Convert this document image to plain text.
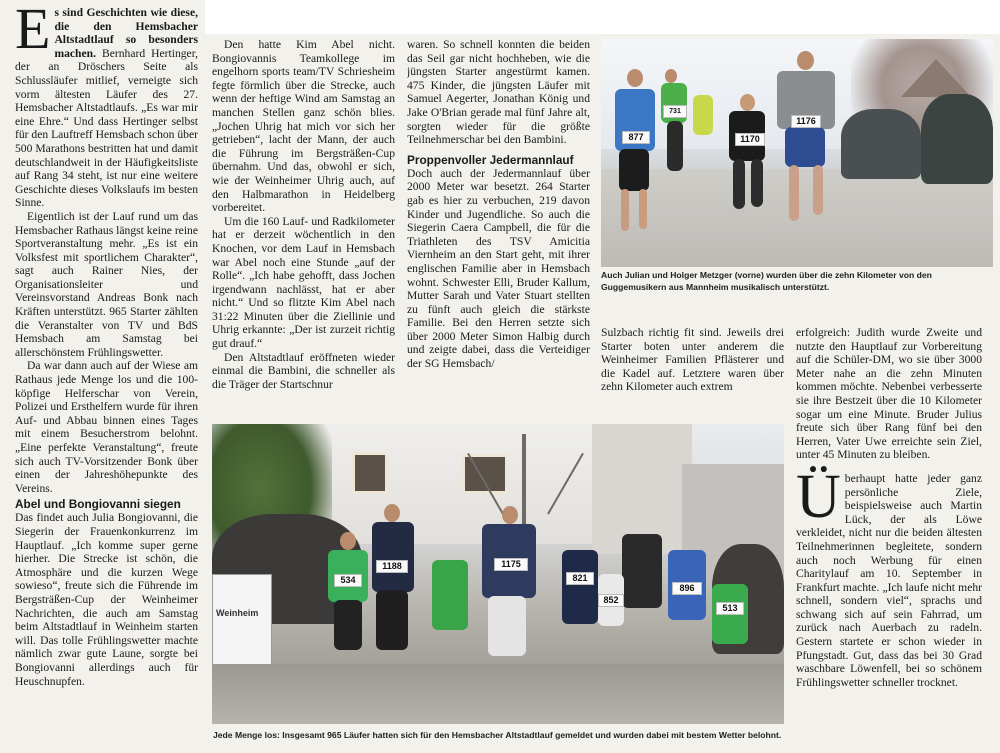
Es sind Geschichten wie diese, die den Hemsbacher Altstadtlauf so besonders machen. Bernhard Hertinger, der an Dröschers Seite als Schlussläufer mitlief, verneigte sich vorm ältesten Läufer des 27. Hemsbacher Altstadtlaufs. „Es war mir eine Ehre.“ Und dass Hertinger selbst für den Lauftreff Hemsbach schon über 500 Marathons bestritten hat und damit deutschlandweit in der Häufigkeitsliste auf Rang 34 steht, ist nur eine weitere Geschichte dieses Volkslaufs im besten Sinne.

Eigentlich ist der Lauf rund um das Hemsbacher Rathaus längst keine reine Sportveranstaltung mehr. „Es ist ein Volksfest mit sportlichem Charakter“, sagt auch Rainer Nies, der Organisationsleiter und Vereinsvorstand Andreas Bonk nach Kräften unterstützt. 965 Starter zählten die Veranstalter von TV und BdS Hemsbach am Samstag bei allerschönstem Frühlingswetter.

Da war dann auch auf der Wiese am Rathaus jede Menge los und die 100-köpfige Helferschar von Verein, Polizei und Ersthelfern wurde für ihren Auf- und Abbau binnen eines Tages mit einem Besucherstrom belohnt. „Eine perfekte Veranstaltung“, freute sich auch TV-Vorsitzender Bonk über einen der Jahreshöhepunkte des Vereins.

Abel und Bongiovanni siegen

Das findet auch Julia Bongiovanni, die Siegerin der Frauenkonkurrenz im Hauptlauf. „Ich komme super gerne hierher. Die Strecke ist schön, die Atmosphäre und die kurzen Wege sowieso“, freute sich die Führende im Bergsträßen-Cup der Weinheimer Nachrichten, die auch am Samstag beim Altstadtlauf in Weinheim starten will. Das tolle Frühlingswetter machte nämlich zwar gute Laune, sorgte bei Bongiovanni allerdings auch für Heuschnupfen.

Den hatte Kim Abel nicht. Bongiovannis Teamkollege im engelhorn sports team/TV Schriesheim fegte förmlich über die Strecke, auch wenn der heftige Wind am Samstag an manchen Stellen ganz schön blies. „Jochen Uhrig hat mich vor sich her getrieben“, lacht der Mann, der auch die Führung im Bergsträßen-Cup übernahm. Und das, obwohl er sich, wie der Weinheimer Uhrig auch, auf den Halbmarathon in Heidelberg vorbereitet.

Um die 160 Lauf- und Radkilometer hat er derzeit wöchentlich in den Knochen, vor dem Lauf in Hemsbach war Abel noch eine Stunde „auf der Rolle“. „Ich habe gehofft, dass Jochen irgendwann nachlässt, hat er aber nicht.“ Und so flitzte Kim Abel nach 31:22 Minuten über die Ziellinie und Uhrig erkannte: „Der ist zurzeit richtig gut drauf.“

Den Altstadtlauf eröffneten wieder einmal die Bambini, die schneller als die Träger der Startschnur

waren. So schnell konnten die beiden das Seil gar nicht hochheben, wie die jüngsten Starter angestürmt kamen. 475 Kinder, die jüngsten Läufer mit Samuel Aegerter, Jonathan König und Jake O'Brian gerade mal fünf Jahre alt, sorgten wieder für die größte Teilnehmerschar bei den Bambini.

Proppenvoller Jedermannlauf

Doch auch der Jedermannlauf über 2000 Meter war besetzt. 264 Starter gab es hier zu verbuchen, 219 davon Kinder und Jugendliche. So auch die Siegerin Caera Campbell, die für die Triathleten des TSV Amicitia Viernheim an den Start geht, mit ihrer englischen Familie aber in Hemsbach wohnt. Schwester Elli, Bruder Kallum, Mutter Sarah und Vater Stuart stellten zu fünft auch gleich die stärkste Familie. Bei den Herren setzte sich über 2000 Meter Simon Halbig durch und zeigte dabei, dass die Verteidiger der SG Hemsbach/

Sulzbach richtig fit sind. Jeweils drei Starter boten unter anderem die Weinheimer Familien Pflästerer und die Kadel auf. Letztere waren über zehn Kilometer auch extrem

erfolgreich: Judith wurde Zweite und nutzte den Hauptlauf zur Vorbereitung auf die Schüler-DM, wo sie über 3000 Meter nahe an die zehn Minuten kommen möchte. Nebenbei verbesserte sie ihre Bestzeit über die 10 Kilometer sogar um eine Minute. Bruder Julius freute sich über Rang fünf bei den Herren, Vater Uwe erreichte sein Ziel, unter 45 Minuten zu bleiben.

Überhaupt hatte jeder ganz persönliche Ziele, beispielsweise auch Martin Lück, der als Löwe verkleidet, nicht nur die beiden ältesten Teilnehmerinnen begleitete, sondern auch noch Werbung für einen Charitylauf am 10. September in Frankfurt machte. „Ich laufe nicht mehr schnell, sondern viel“, sprachs und schwang sich auf sein Fahrrad, um zurück nach Auerbach zu radeln. Gestern startete er schon wieder in Pfungstadt. Gut, dass das bei 30 Grad waschbare Löwenfell, bei so schönem Frühlingswetter schneller trocknet.

877
731
1170
1176
Auch Julian und Holger Metzger (vorne) wurden über die zehn Kilometer von den Guggemusikern aus Mannheim musikalisch unterstützt.
Weinheim
534
1188	1175
821
896
513
852
Jede Menge los: Insgesamt 965 Läufer hatten sich für den Hemsbacher Altstadtlauf gemeldet und wurden dabei mit bestem Wetter belohnt.
